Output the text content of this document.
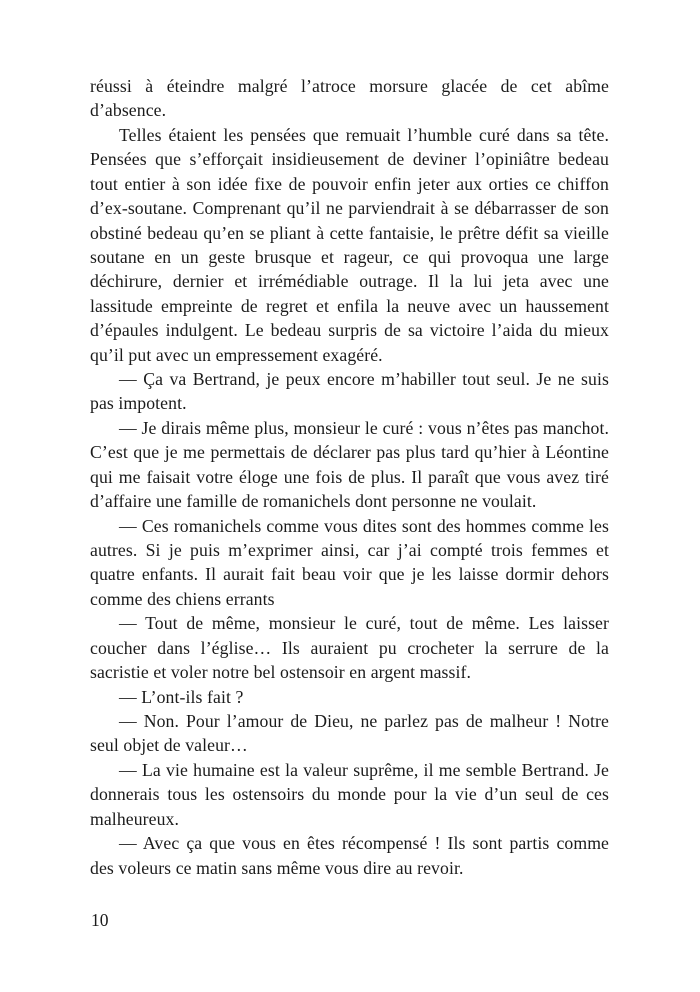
réussi à éteindre malgré l’atroce morsure glacée de cet abîme
d’absence.
Telles étaient les pensées que remuait l’humble curé dans sa tête.
Pensées que s’efforçait insidieusement de deviner l’opiniâtre bedeau
tout entier à son idée fixe de pouvoir enfin jeter aux orties ce chiffon
d’ex-soutane. Comprenant qu’il ne parviendrait à se débarrasser de son
obstiné bedeau qu’en se pliant à cette fantaisie, le prêtre défit sa vieille
soutane en un geste brusque et rageur, ce qui provoqua une large
déchirure, dernier et irrémédiable outrage. Il la lui jeta avec une
lassitude empreinte de regret et enfila la neuve avec un haussement
d’épaules indulgent. Le bedeau surpris de sa victoire l’aida du mieux
qu’il put avec un empressement exagéré.
— Ça va Bertrand, je peux encore m’habiller tout seul. Je ne suis
pas impotent.
— Je dirais même plus, monsieur le curé : vous n’êtes pas manchot.
C’est que je me permettais de déclarer pas plus tard qu’hier à Léontine
qui me faisait votre éloge une fois de plus. Il paraît que vous avez tiré
d’affaire une famille de romanichels dont personne ne voulait.
— Ces romanichels comme vous dites sont des hommes comme les
autres. Si je puis m’exprimer ainsi, car j’ai compté trois femmes et
quatre enfants. Il aurait fait beau voir que je les laisse dormir dehors
comme des chiens errants
— Tout de même, monsieur le curé, tout de même. Les laisser
coucher dans l’église… Ils auraient pu crocheter la serrure de la
sacristie et voler notre bel ostensoir en argent massif.
— L’ont-ils fait ?
— Non. Pour l’amour de Dieu, ne parlez pas de malheur ! Notre
seul objet de valeur…
— La vie humaine est la valeur suprême, il me semble Bertrand. Je
donnerais tous les ostensoirs du monde pour la vie d’un seul de ces
malheureux.
— Avec ça que vous en êtes récompensé ! Ils sont partis comme
des voleurs ce matin sans même vous dire au revoir.
10
